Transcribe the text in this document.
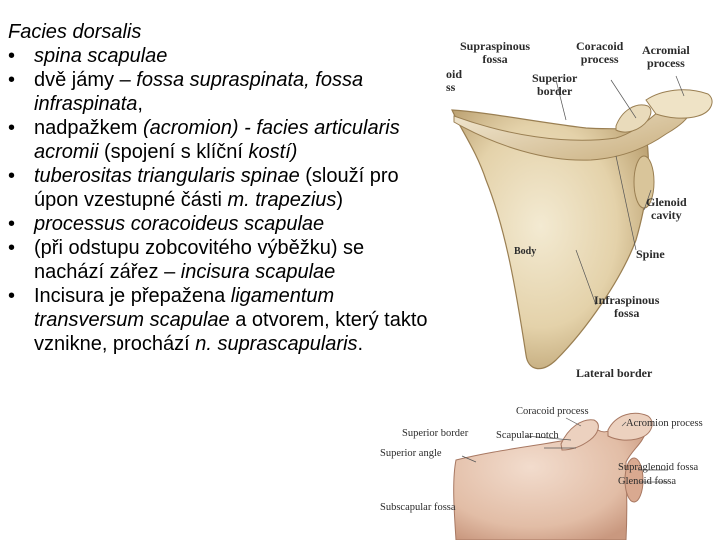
Facies dorsalis
• spina scapulae
• dvě jámy – fossa supraspinata, fossa infraspinata,
• nadpažkem (acromion) - facies articularis acromii (spojení s klíční kostí)
• tuberositas triangularis spinae (slouží pro úpon vzestupné části m. trapezius)
• processus coracoideus scapulae
• (při odstupu zobcovitého výběžku) se nachází zářez – incisura scapulae
• Incisura je přepažena ligamentum transversum scapulae a otvorem, který takto vznikne, prochází n. suprascapularis.
Supraspinous
fossa
Coracoid
process
Acromial
process
oid
ss
Superior
border
Glenoid
cavity
Body	Spine
Infraspinous
fossa
Lateral border
Coracoid process
Acromion process
Superior border	Scapular notch
Superior angle
Supraglenoid fossa
Glenoid fossa
Subscapular fossa
